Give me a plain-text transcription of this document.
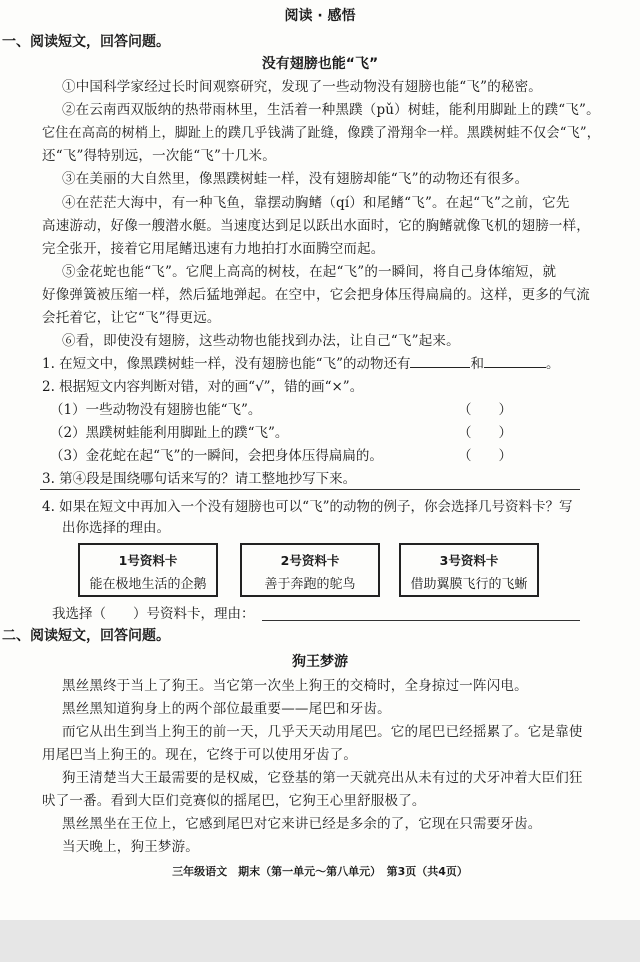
阅读 · 感悟
一、阅读短文，回答问题。
没有翅膀也能“飞”
①中国科学家经过长时间观察研究，发现了一些动物没有翅膀也能“飞”的秘密。
②在云南西双版纳的热带雨林里，生活着一种黑蹼（pǔ）树蛙，能利用脚趾上的蹼“飞”。
它住在高高的树梢上，脚趾上的蹼几乎钱满了趾缝，像蹼了滑翔伞一样。黑蹼树蛙不仅会“飞”，
还“飞”得特别远，一次能“飞”十几米。
③在美丽的大自然里，像黑蹼树蛙一样，没有翅膀却能“飞”的动物还有很多。
④在茫茫大海中，有一种飞鱼，靠摆动胸鳍（qí）和尾鳍“飞”。在起“飞”之前，它先
高速游动，好像一艘潜水艇。当速度达到足以跃出水面时，它的胸鳍就像飞机的翅膀一样，
完全张开，接着它用尾鳍迅速有力地拍打水面腾空而起。
⑤金花蛇也能“飞”。它爬上高高的树枝，在起“飞”的一瞬间，将自己身体缩短，就
好像弹簧被压缩一样，然后猛地弹起。在空中，它会把身体压得扁扁的。这样，更多的气流
会托着它，让它“飞”得更远。
⑥看，即使没有翅膀，这些动物也能找到办法，让自己“飞”起来。
1. 在短文中，像黑蹼树蛙一样，没有翅膀也能“飞”的动物还有	和	。
2. 根据短文内容判断对错，对的画“√”，错的画“×”。
（1）一些动物没有翅膀也能“飞”。	（　　）
（2）黑蹼树蛙能利用脚趾上的蹼“飞”。	（　　）
（3）金花蛇在起“飞”的一瞬间，会把身体压得扁扁的。	（　　）
3. 第④段是围绕哪句话来写的？请工整地抄写下来。
4. 如果在短文中再加入一个没有翅膀也可以“飞”的动物的例子，你会选择几号资料卡？写
出你选择的理由。
1号资料卡
能在极地生活的企鹅
2号资料卡
善于奔跑的鸵鸟
3号资料卡
借助翼膜飞行的飞蜥
我选择（　　）号资料卡，理由：
二、阅读短文，回答问题。
狗王梦游
黑丝黑终于当上了狗王。当它第一次坐上狗王的交椅时，全身掠过一阵闪电。
黑丝黑知道狗身上的两个部位最重要——尾巴和牙齿。
而它从出生到当上狗王的前一天，几乎天天动用尾巴。它的尾巴已经摇累了。它是靠使
用尾巴当上狗王的。现在，它终于可以使用牙齿了。
狗王清楚当大王最需要的是权威，它登基的第一天就亮出从未有过的犬牙冲着大臣们狂
吠了一番。看到大臣们竞赛似的摇尾巴，它狗王心里舒服极了。
黑丝黑坐在王位上，它感到尾巴对它来讲已经是多余的了，它现在只需要牙齿。
当天晚上，狗王梦游。
三年级语文　期末（第一单元～第八单元）　第3页（共4页）
